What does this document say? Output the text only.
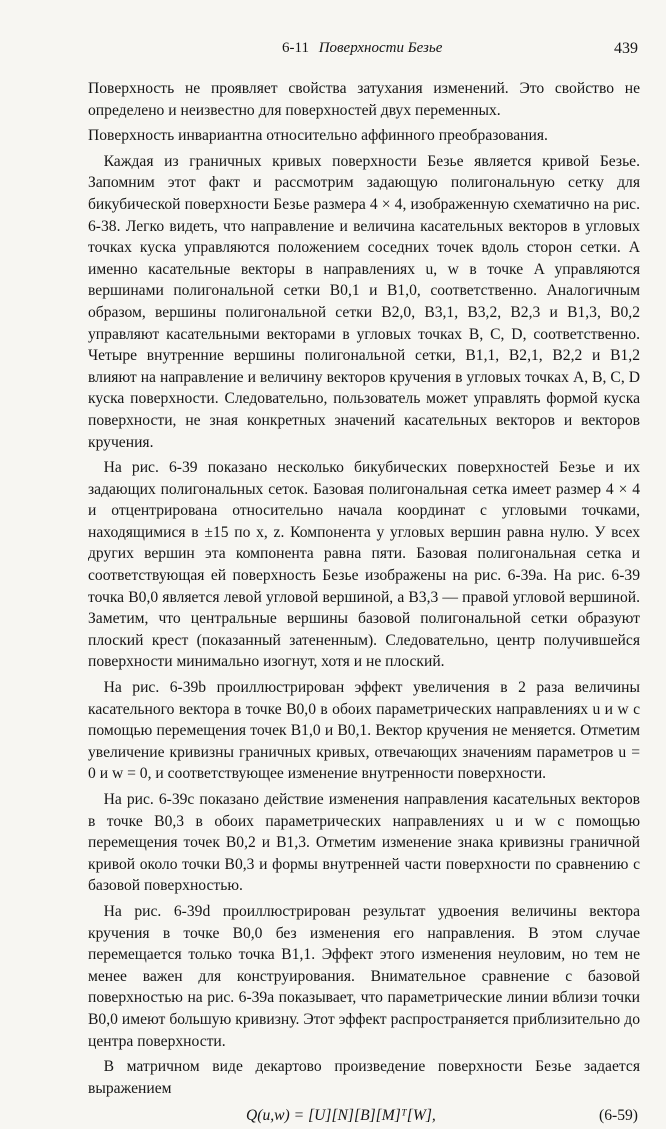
6-11 Поверхности Безье	439

Поверхность не проявляет свойства затухания изменений. Это свойство не определено и неизвестно для поверхностей двух переменных.

Поверхность инвариантна относительно аффинного преобразования.

 Каждая из граничных кривых поверхности Безье является кривой Безье. Запомним этот факт и рассмотрим задающую полигональную сетку для бикубической поверхности Безье размера 4 × 4, изображенную схематично на рис. 6-38. Легко видеть, что направление и величина касательных векторов в угловых точках куска управляются положением соседних точек вдоль сторон сетки. А именно касательные векторы в направлениях u, w в точке A управляются вершинами полигональной сетки B0,1 и B1,0, соответственно. Аналогичным образом, вершины полигональной сетки B2,0, B3,1, B3,2, B2,3 и B1,3, B0,2 управляют касательными векторами в угловых точках B, C, D, соответственно. Четыре внутренние вершины полигональной сетки, B1,1, B2,1, B2,2 и B1,2 влияют на направление и величину векторов кручения в угловых точках A, B, C, D куска поверхности. Следовательно, пользователь может управлять формой куска поверхности, не зная конкретных значений касательных векторов и векторов кручения.

 На рис. 6-39 показано несколько бикубических поверхностей Безье и их задающих полигональных сеток. Базовая полигональная сетка имеет размер 4 × 4 и отцентрирована относительно начала координат с угловыми точками, находящимися в ±15 по x, z. Компонента y угловых вершин равна нулю. У всех других вершин эта компонента равна пяти. Базовая полигональная сетка и соответствующая ей поверхность Безье изображены на рис. 6-39a. На рис. 6-39 точка B0,0 является левой угловой вершиной, а B3,3 — правой угловой вершиной. Заметим, что центральные вершины базовой полигональной сетки образуют плоский крест (показанный затененным). Следовательно, центр получившейся поверхности минимально изогнут, хотя и не плоский.

 На рис. 6-39b проиллюстрирован эффект увеличения в 2 раза величины касательного вектора в точке B0,0 в обоих параметрических направлениях u и w с помощью перемещения точек B1,0 и B0,1. Вектор кручения не меняется. Отметим увеличение кривизны граничных кривых, отвечающих значениям параметров u = 0 и w = 0, и соответствующее изменение внутренности поверхности.

 На рис. 6-39c показано действие изменения направления касательных векторов в точке B0,3 в обоих параметрических направлениях u и w с помощью перемещения точек B0,2 и B1,3. Отметим изменение знака кривизны граничной кривой около точки B0,3 и формы внутренней части поверхности по сравнению с базовой поверхностью.

 На рис. 6-39d проиллюстрирован результат удвоения величины вектора кручения в точке B0,0 без изменения его направления. В этом случае перемещается только точка B1,1. Эффект этого изменения неуловим, но тем не менее важен для конструирования. Внимательное сравнение с базовой поверхностью на рис. 6-39a показывает, что параметрические линии вблизи точки B0,0 имеют большую кривизну. Этот эффект распространяется приблизительно до центра поверхности.

 В матричном виде декартово произведение поверхности Безье задается выражением

Q(u,w) = [U][N][B][M]ᵀ[W],	(6-59)
